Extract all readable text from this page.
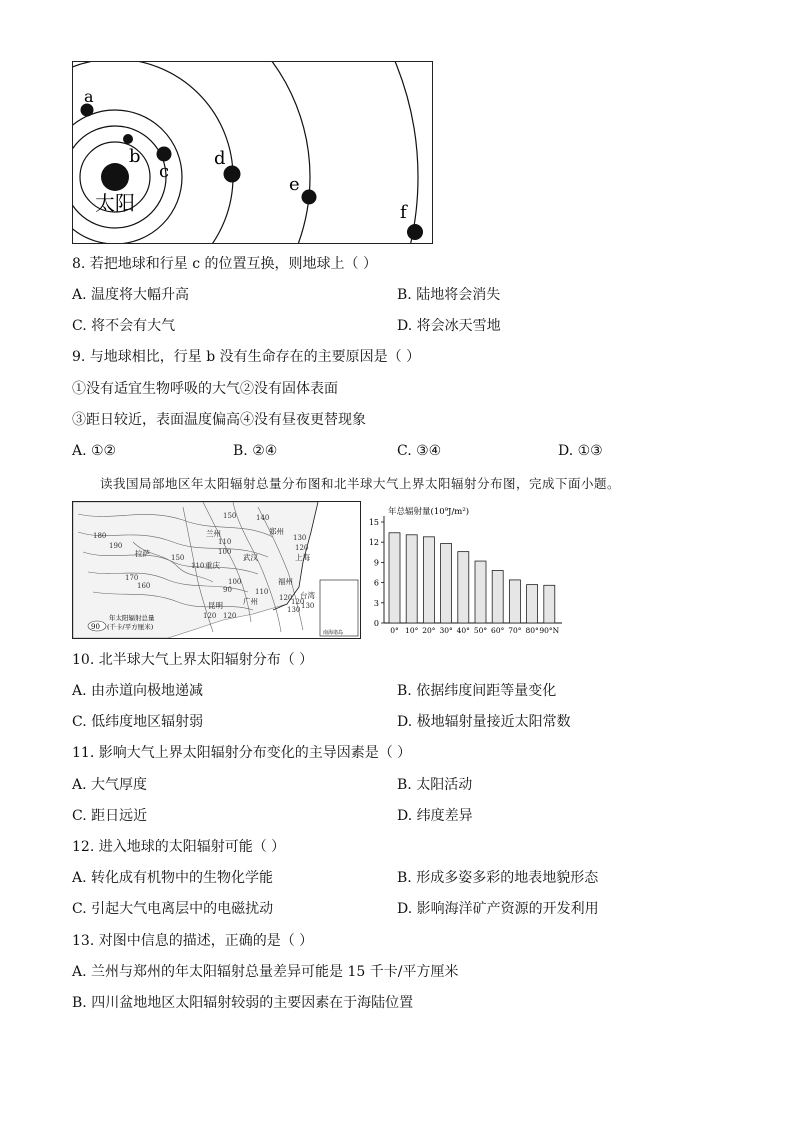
a
b
c
d
e
f
太阳
8. 若把地球和行星 c 的位置互换，则地球上（ ）
A. 温度将大幅升高	B. 陆地将会消失
C. 将不会有大气	D. 将会冰天雪地
9. 与地球相比，行星 b 没有生命存在的主要原因是（ ）
①没有适宜生物呼吸的大气②没有固体表面
③距日较近，表面温度偏高④没有昼夜更替现象
A. ①②	B. ②④	C. ③④	D. ①③
读我国局部地区年太阳辐射总量分布图和北半球大气上界太阳辐射分布图，完成下面小题。
南海诸岛
兰州	郑州
拉萨
重庆
武汉	上海
福州
广州
昆明
台湾
150	140
180
190
130
120
110
100
170
160
150
110
100
90
120
110
120
130
120
130
120
90
年太阳辐射总量
(千卡/平方厘米)
年总辐射量(10⁹J/m²)
0
3
6
9
12
15
0° 10° 20° 30° 40° 50° 60° 70° 80° 90°N
10. 北半球大气上界太阳辐射分布（ ）
A. 由赤道向极地递减	B. 依据纬度间距等量变化
C. 低纬度地区辐射弱	D. 极地辐射量接近太阳常数
11. 影响大气上界太阳辐射分布变化的主导因素是（ ）
A. 大气厚度	B. 太阳活动
C. 距日远近	D. 纬度差异
12. 进入地球的太阳辐射可能（ ）
A. 转化成有机物中的生物化学能	B. 形成多姿多彩的地表地貌形态
C. 引起大气电离层中的电磁扰动	D. 影响海洋矿产资源的开发利用
13. 对图中信息的描述，正确的是（ ）
A. 兰州与郑州的年太阳辐射总量差异可能是 15 千卡/平方厘米
B. 四川盆地地区太阳辐射较弱的主要因素在于海陆位置
